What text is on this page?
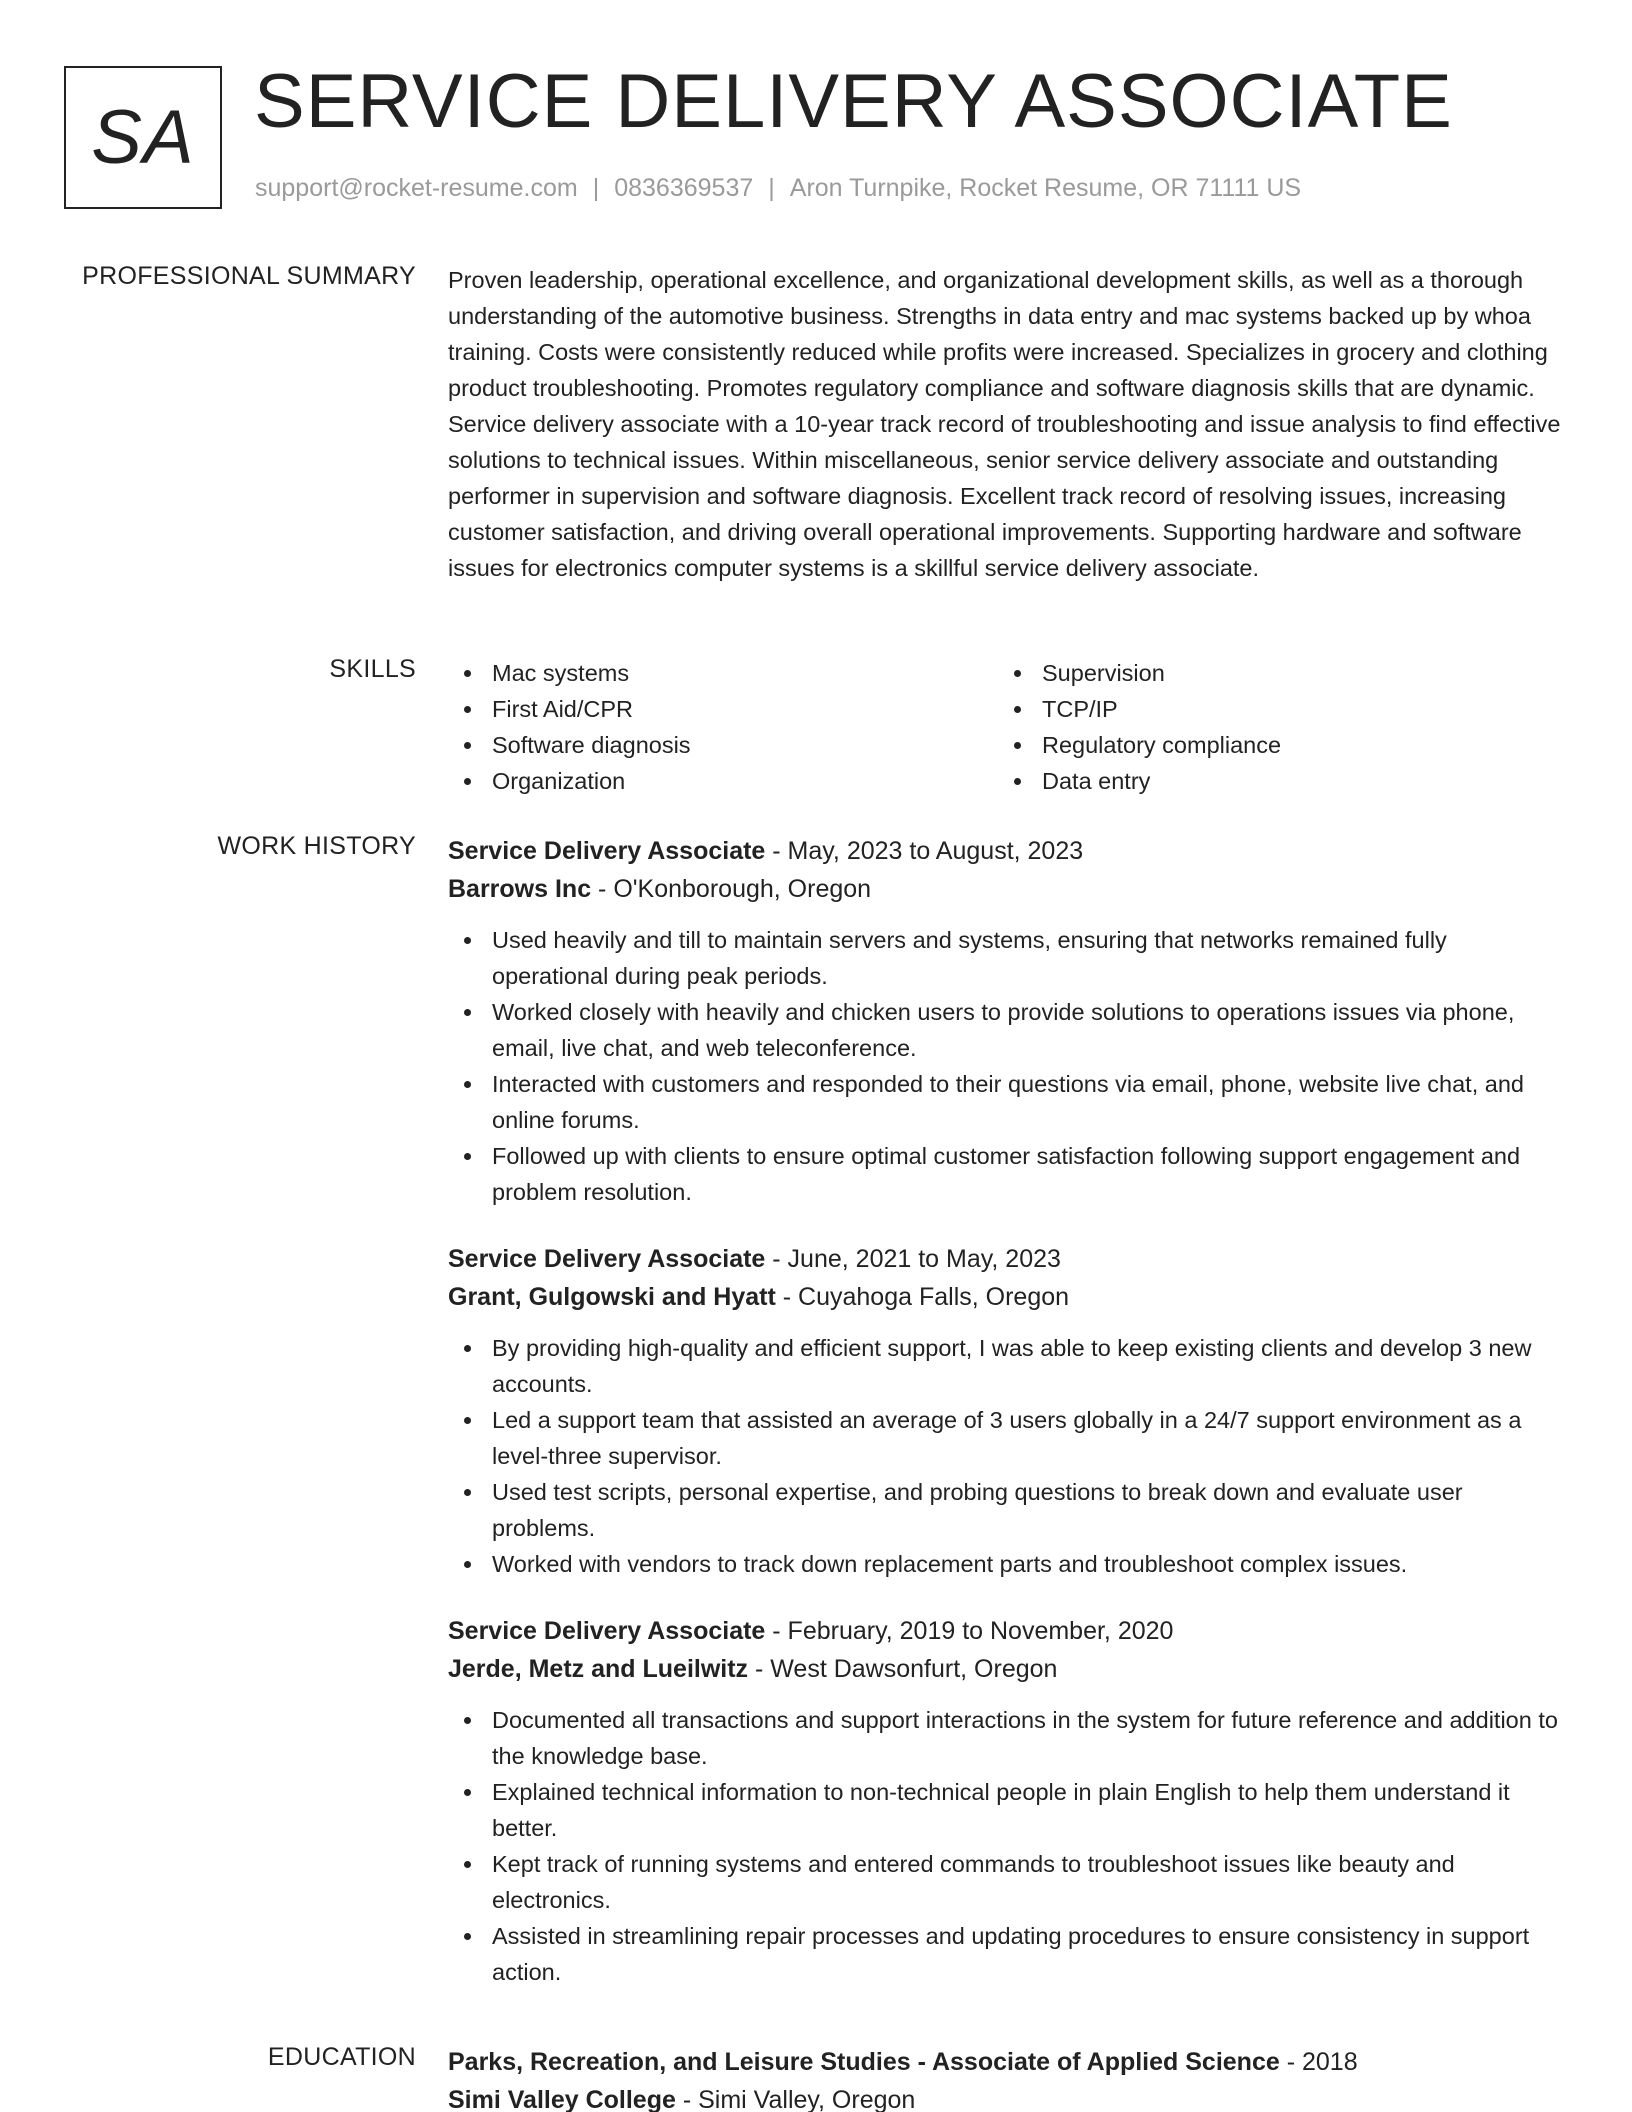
SA SERVICE DELIVERY ASSOCIATE
support@rocket-resume.com | 0836369537 | Aron Turnpike, Rocket Resume, OR 71111 US
PROFESSIONAL SUMMARY Proven leadership, operational excellence, and organizational development skills, as well as a thorough understanding of the automotive business. Strengths in data entry and mac systems backed up by whoa training. Costs were consistently reduced while profits were increased. Specializes in grocery and clothing product troubleshooting. Promotes regulatory compliance and software diagnosis skills that are dynamic. Service delivery associate with a 10-year track record of troubleshooting and issue analysis to find effective solutions to technical issues. Within miscellaneous, senior service delivery associate and outstanding performer in supervision and software diagnosis. Excellent track record of resolving issues, increasing customer satisfaction, and driving overall operational improvements. Supporting hardware and software issues for electronics computer systems is a skillful service delivery associate.

SKILLS	Mac systems
First Aid/CPR
Software diagnosis
Organization
Supervision
TCP/IP
Regulatory compliance
Data entry
WORK HISTORY Service Delivery Associate - May, 2023 to August, 2023
Barrows Inc - O'Konborough, Oregon
Used heavily and till to maintain servers and systems, ensuring that networks remained fully operational during peak periods.
Worked closely with heavily and chicken users to provide solutions to operations issues via phone, email, live chat, and web teleconference.
Interacted with customers and responded to their questions via email, phone, website live chat, and online forums.
Followed up with clients to ensure optimal customer satisfaction following support engagement and problem resolution.
Service Delivery Associate - June, 2021 to May, 2023
Grant, Gulgowski and Hyatt - Cuyahoga Falls, Oregon
By providing high-quality and efficient support, I was able to keep existing clients and develop 3 new accounts.
Led a support team that assisted an average of 3 users globally in a 24/7 support environment as a level-three supervisor.
Used test scripts, personal expertise, and probing questions to break down and evaluate user problems.
Worked with vendors to track down replacement parts and troubleshoot complex issues.
Service Delivery Associate - February, 2019 to November, 2020
Jerde, Metz and Lueilwitz - West Dawsonfurt, Oregon
Documented all transactions and support interactions in the system for future reference and addition to the knowledge base.
Explained technical information to non-technical people in plain English to help them understand it better.
Kept track of running systems and entered commands to troubleshoot issues like beauty and electronics.
Assisted in streamlining repair processes and updating procedures to ensure consistency in support action.
EDUCATION Parks, Recreation, and Leisure Studies - Associate of Applied Science - 2018
Simi Valley College - Simi Valley, Oregon
